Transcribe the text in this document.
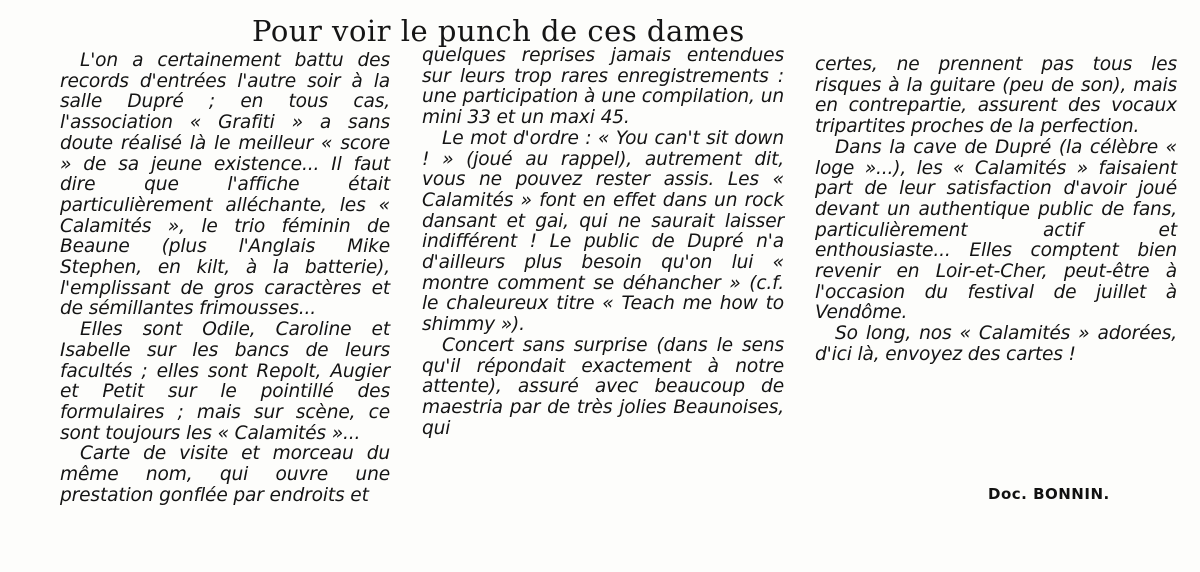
Pour voir le punch de ces dames

L'on a certainement battu des records d'entrées l'autre soir à la salle Dupré ; en tous cas, l'association « Grafiti » a sans doute réalisé là le meilleur « score » de sa jeune existence... Il faut dire que l'affiche était particulièrement alléchante, les « Calamités », le trio féminin de Beaune (plus l'Anglais Mike Stephen, en kilt, à la batterie), l'emplissant de gros caractères et de sémillantes frimousses...

Elles sont Odile, Caroline et Isabelle sur les bancs de leurs facultés ; elles sont Repolt, Augier et Petit sur le pointillé des formulaires ; mais sur scène, ce sont toujours les « Calamités »...

Carte de visite et morceau du même nom, qui ouvre une prestation gonflée par endroits et

quelques reprises jamais entendues sur leurs trop rares enregistrements : une participation à une compilation, un mini 33 et un maxi 45.

Le mot d'ordre : « You can't sit down ! » (joué au rappel), autrement dit, vous ne pouvez rester assis. Les « Calamités » font en effet dans un rock dansant et gai, qui ne saurait laisser indifférent ! Le public de Dupré n'a d'ailleurs plus besoin qu'on lui « montre comment se déhancher » (c.f. le chaleureux titre « Teach me how to shimmy »).

Concert sans surprise (dans le sens qu'il répondait exactement à notre attente), assuré avec beaucoup de maestria par de très jolies Beaunoises, qui

certes, ne prennent pas tous les risques à la guitare (peu de son), mais en contrepartie, assurent des vocaux tripartites proches de la perfection.

Dans la cave de Dupré (la célèbre « loge »...), les « Calamités » faisaient part de leur satisfaction d'avoir joué devant un authentique public de fans, particulièrement actif et enthousiaste... Elles comptent bien revenir en Loir-et-Cher, peut-être à l'occasion du festival de juillet à Vendôme.

So long, nos « Calamités » adorées, d'ici là, envoyez des cartes !

Doc. BONNIN.
